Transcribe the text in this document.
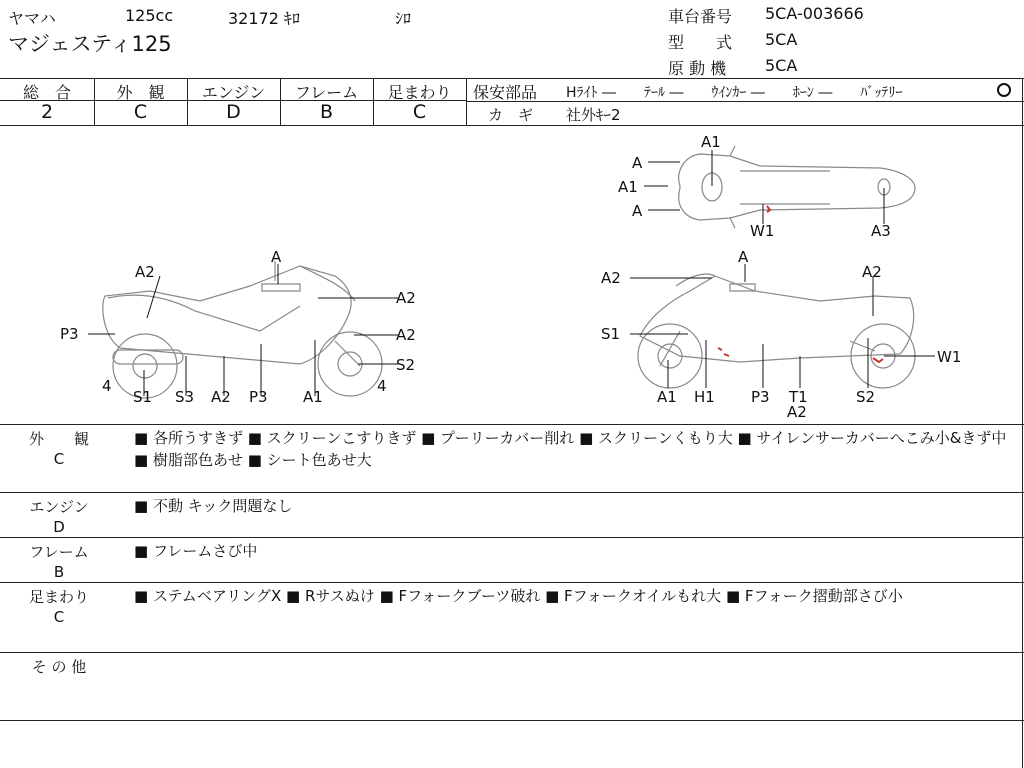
ヤマハ	125cc	32172 ｷﾛ	ｼﾛ
マジェスティ125
車台番号 5CA-003666
型　　式 5CA
原 動 機 5CA
総　合	外　観	エンジン	フレーム	足まわり
2	C	D	B	C
保安部品 Hﾗｲﾄ ―　　ﾃｰﾙ ―　　ｳｲﾝｶｰ ―　　ﾎｰﾝ ―　　ﾊﾞｯﾃﾘｰ
カ　ギ 社外ｷｰ2
A2
A
A2
P3	A2
S2
4	4
S1 S3 A2 P3 A1
A2
A
A2
S1
W1
A1 H1 P3 T1
A2
S2
A
A1
A1
A
W1	A3
外　　観
C
■ 各所うすきず ■ スクリーンこすりきず ■ プーリーカバー削れ ■ スクリーンくもり大 ■ サイレンサーカバーへこみ小&きず中 ■ 樹脂部色あせ ■ シート色あせ大
エンジン
D
■ 不動 キック問題なし
フレーム
B
■ フレームさび中
足まわり
C
■ ステムベアリングX ■ Rサスぬけ ■ Fフォークブーツ破れ ■ Fフォークオイルもれ大 ■ Fフォーク摺動部さび小
そ の 他
